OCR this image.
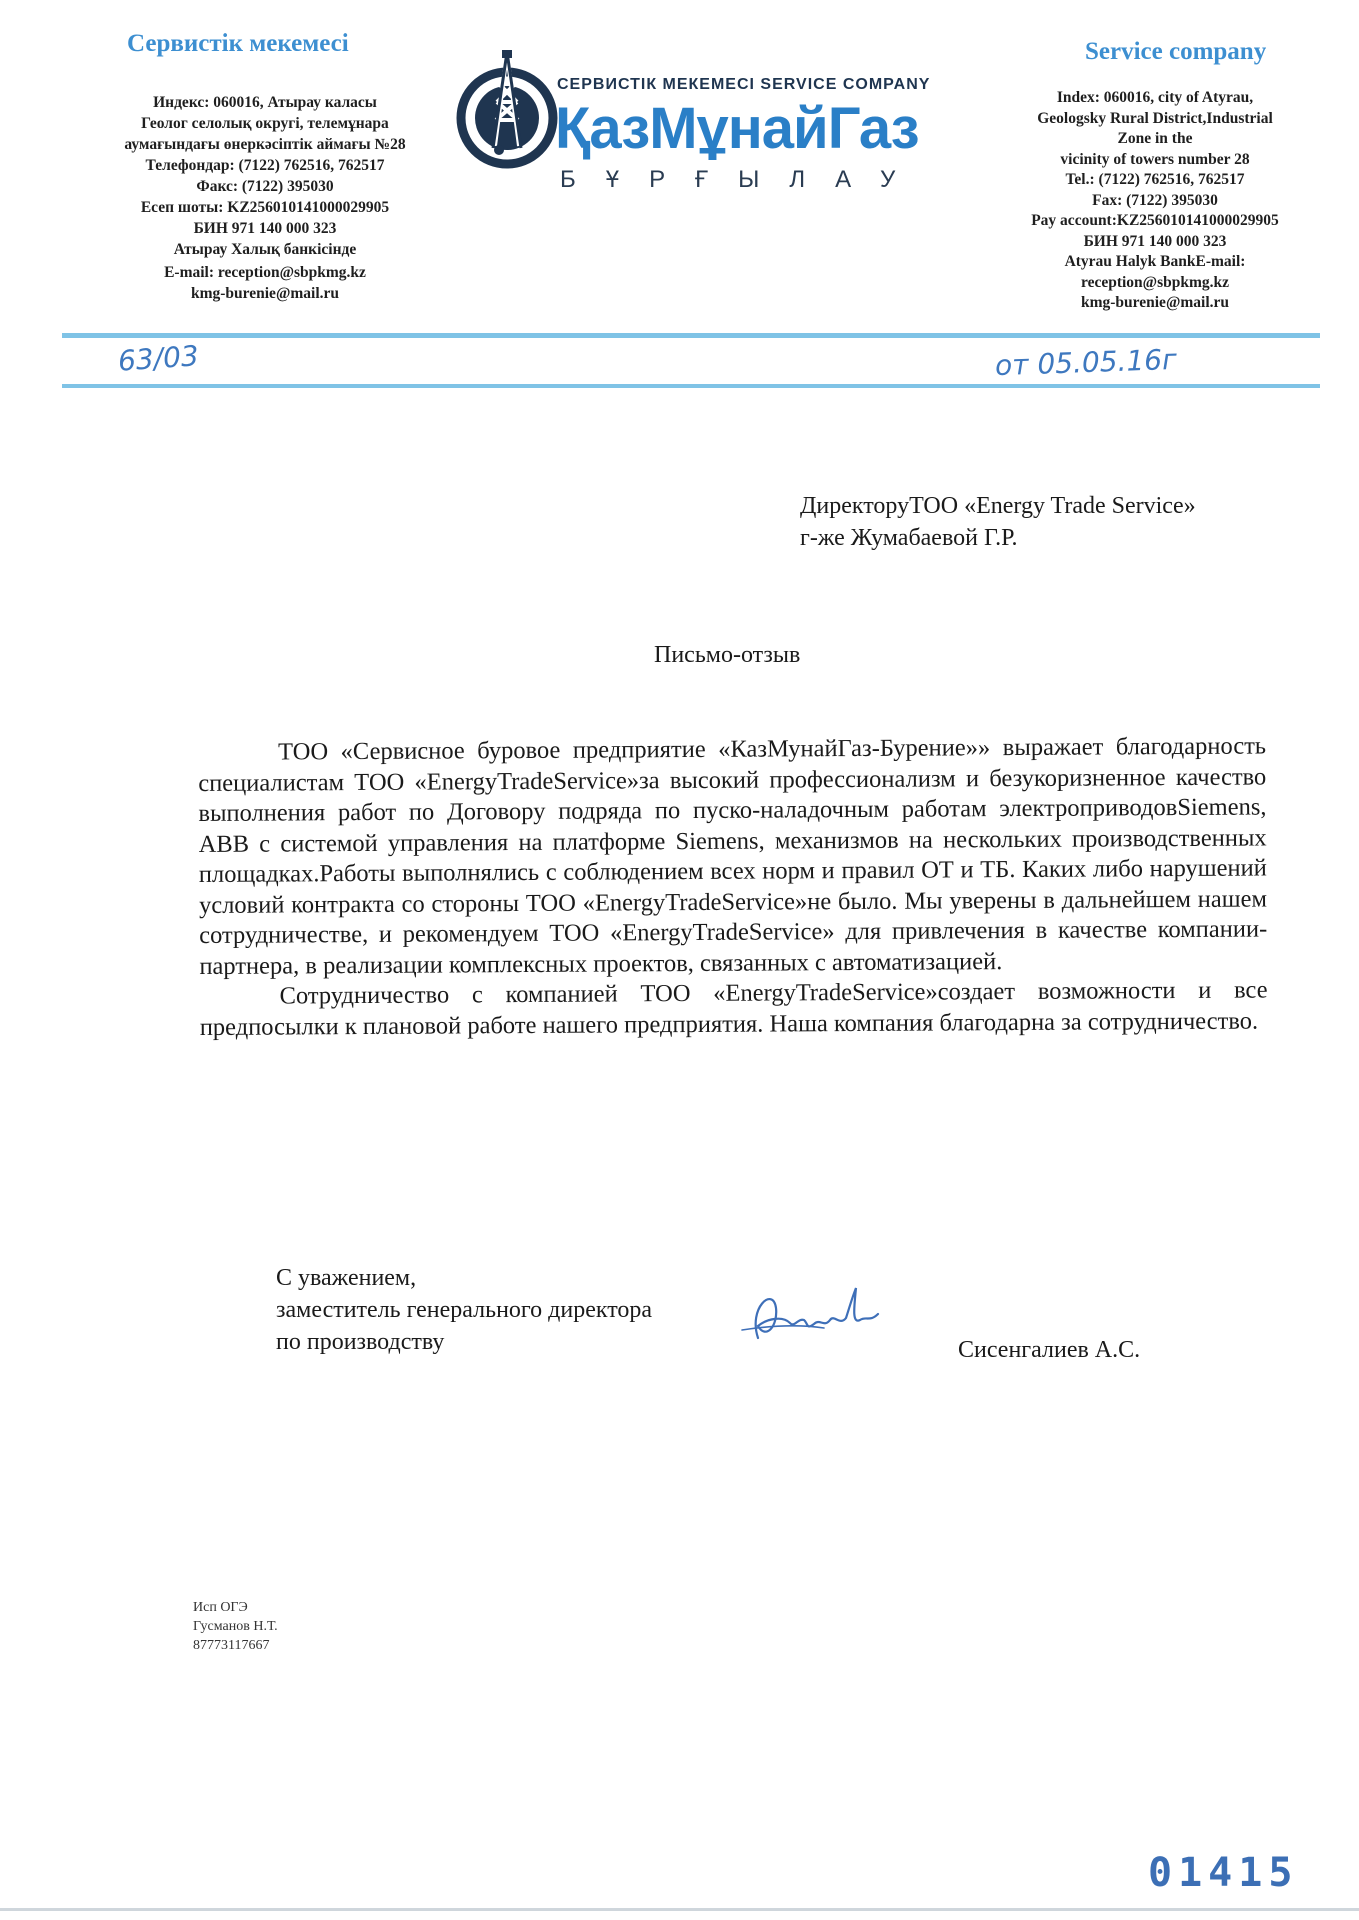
Сервистік мекемесі
Индекс: 060016, Атырау каласы
Геолог селолық округі, телемұнара
аумағындағы өнеркәсіптік аймағы №28
Телефондар: (7122) 762516, 762517
Факс: (7122) 395030
Есеп шоты: KZ256010141000029905
БИН 971 140 000 323
Атырау Халық банкісінде
E-mail: reception@sbpkmg.kz
kmg-burenie@mail.ru
СЕРВИСТІК МЕКЕМЕСІ SERVICE COMPANY
ҚазМұнайГаз
БҰРҒЫЛАУ
Service company
Index: 060016, city of Atyrau,
Geologsky Rural District,Industrial
Zone in the
vicinity of towers number 28
Tel.: (7122) 762516, 762517
Fax: (7122) 395030
Pay account:KZ256010141000029905
БИН 971 140 000 323
Atyrau Halyk BankE-mail:
reception@sbpkmg.kz
kmg-burenie@mail.ru
63/03	от 05.05.16г
ДиректоруТОО «Energy Trade Service»
г-же Жумабаевой Г.Р.
Письмо-отзыв

ТОО «Сервисное буровое предприятие «КазМунайГаз-Бурение»» выражает благодарность специалистам ТОО «EnergyTradeService»за высокий профессионализм и безукоризненное качество выполнения работ по Договору подряда по пуско-наладочным работам электроприводовSiemens, ABB с системой управления на платформе Siemens, механизмов на нескольких производственных площадках.Работы выполнялись с соблюдением всех норм и правил ОТ и ТБ. Каких либо нарушений условий контракта со стороны ТОО «EnergyTradeService»не было. Мы уверены в дальнейшем нашем сотрудничестве, и рекомендуем ТОО «EnergyTradeService» для привлечения в качестве компании-партнера, в реализации комплексных проектов, связанных с автоматизацией.

Сотрудничество с компанией ТОО «EnergyTradeService»создает возможности и все предпосылки к плановой работе нашего предприятия. Наша компания благодарна за сотрудничество.

С уважением,
заместитель генерального директора
по производству	Сисенгалиев А.С.
Исп ОГЭ
Гусманов Н.Т.
87773117667
01415
